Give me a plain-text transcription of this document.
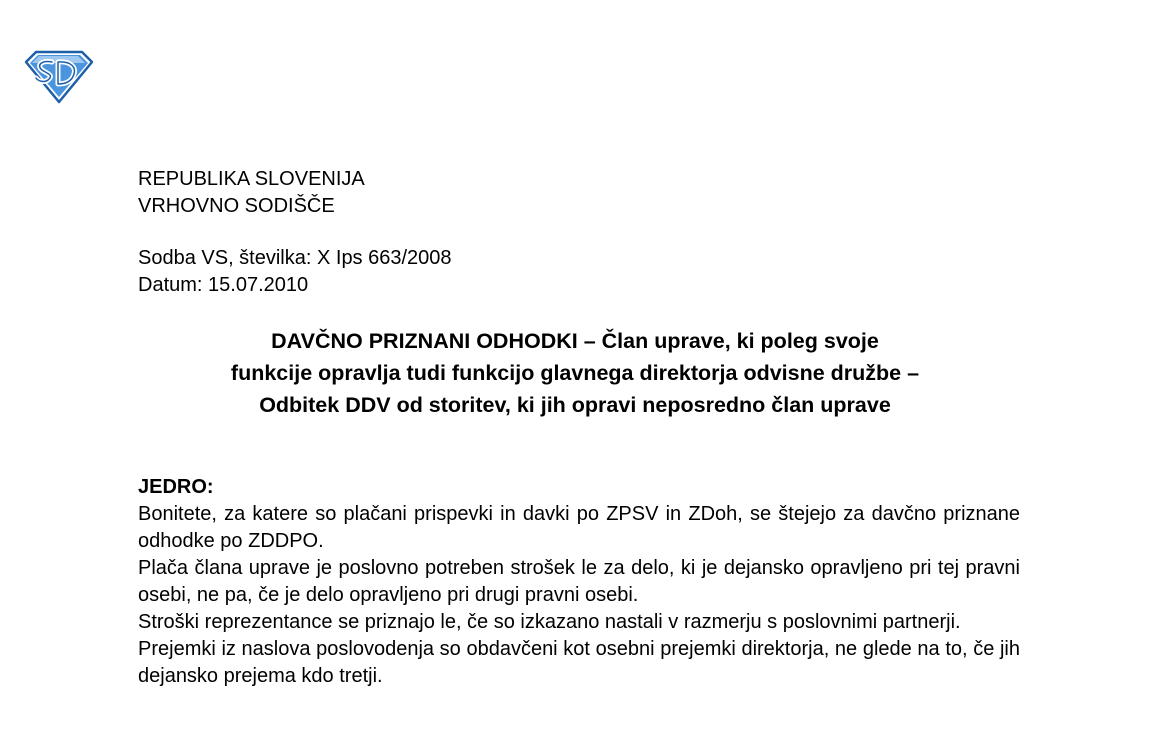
REPUBLIKA SLOVENIJA
VRHOVNO SODIŠČE
Sodba VS, številka: X Ips 663/2008
Datum: 15.07.2010
DAVČNO PRIZNANI ODHODKI – Član uprave, ki poleg svoje
funkcije opravlja tudi funkcijo glavnega direktorja odvisne družbe –
Odbitek DDV od storitev, ki jih opravi neposredno član uprave
JEDRO:

Bonitete, za katere so plačani prispevki in davki po ZPSV in ZDoh, se štejejo za davčno priznane odhodke po ZDDPO.

Plača člana uprave je poslovno potreben strošek le za delo, ki je dejansko opravljeno pri tej pravni osebi, ne pa, če je delo opravljeno pri drugi pravni osebi.

Stroški reprezentance se priznajo le, če so izkazano nastali v razmerju s poslovnimi partnerji.

Prejemki iz naslova poslovodenja so obdavčeni kot osebni prejemki direktorja, ne glede na to, če jih dejansko prejema kdo tretji.
